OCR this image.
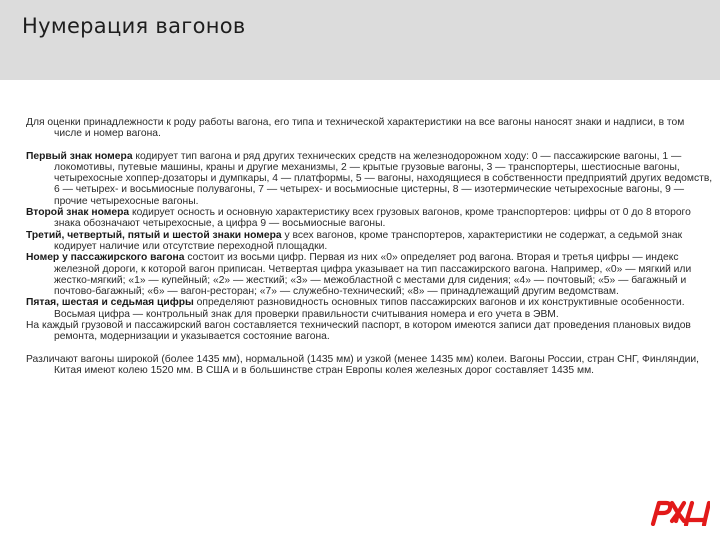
Нумерация вагонов

Для оценки принадлежности к роду работы вагона, его типа и технической характеристики на все вагоны наносят знаки и надписи, в том числе и номер вагона.

Первый знак номера кодирует тип вагона и ряд других технических средств на железнодорожном ходу: 0 — пассажирские вагоны, 1 — локомотивы, путевые машины, краны и другие механизмы, 2 — крытые грузовые вагоны, 3 — транспортеры, шестиосные вагоны, четырехосные хоппер-дозаторы и думпкары, 4 — платформы, 5 — вагоны, находящиеся в собственности предприятий других ведомств, 6 — четырех- и восьмиосные полувагоны, 7 — четырех- и восьмиосные цистерны, 8 — изотермические четырехосные вагоны, 9 — прочие четырехосные вагоны.

Второй знак номера кодирует осность и основную характеристику всех грузовых вагонов, кроме транспортеров: цифры от 0 до 8 второго знака обозначают четырехосные, а цифра 9 — восьмиосные вагоны.

Третий, четвертый, пятый и шестой знаки номера у всех вагонов, кроме транспортеров, характеристики не содержат, а седьмой знак кодирует наличие или отсутствие переходной площадки.

Номер у пассажирского вагона состоит из восьми цифр. Первая из них «0» определяет род вагона. Вторая и третья цифры — индекс железной дороги, к которой вагон приписан. Четвертая цифра указывает на тип пассажирского вагона. Например, «0» — мягкий или жестко-мягкий; «1» — купейный; «2» — жесткий; «3» — межобластной с местами для сидения; «4» — почтовый; «5» — багажный и почтово-багажный; «6» — вагон-ресторан; «7» — служебно-технический; «8» — принадлежащий другим ведомствам.

Пятая, шестая и седьмая цифры определяют разновидность основных типов пассажирских вагонов и их конструктивные особенности. Восьмая цифра — контрольный знак для проверки правильности считывания номера и его учета в ЭВМ.

На каждый грузовой и пассажирский вагон составляется технический паспорт, в котором имеются записи дат проведения плановых видов ремонта, модернизации и указывается состояние вагона.

Различают вагоны широкой (более 1435 мм), нормальной (1435 мм) и узкой (менее 1435 мм) колеи. Вагоны России, стран СНГ, Финляндии, Китая имеют колею 1520 мм. В США и в большинстве стран Европы колея железных дорог составляет 1435 мм.
